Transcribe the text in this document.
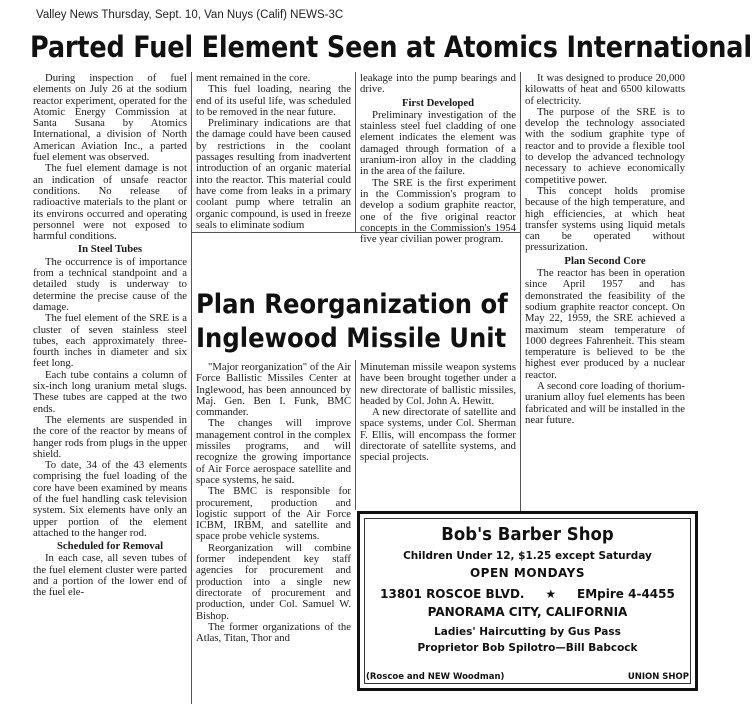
Valley News Thursday, Sept. 10, Van Nuys (Calif) NEWS-3C
Parted Fuel Element Seen at Atomics International

During inspection of fuel elements on July 26 at the sodium reactor experiment, operated for the Atomic Energy Commission at Santa Susana by Atomics International, a division of North American Aviation Inc., a parted fuel element was observed.

The fuel element damage is not an indication of unsafe reactor conditions. No release of radioactive materials to the plant or its environs occurred and operating personnel were not exposed to harmful conditions.

In Steel Tubes

The occurrence is of importance from a technical standpoint and a detailed study is underway to determine the precise cause of the damage.

The fuel element of the SRE is a cluster of seven stainless steel tubes, each approximately three-fourth inches in diameter and six feet long.

Each tube contains a column of six-inch long uranium metal slugs. These tubes are capped at the two ends.

The elements are suspended in the core of the reactor by means of hanger rods from plugs in the upper shield.

To date, 34 of the 43 elements comprising the fuel loading of the core have been examined by means of the fuel handling cask television system. Six elements have only an upper portion of the element attached to the hanger rod.

Scheduled for Removal

In each case, all seven tubes of the fuel element cluster were parted and a portion of the lower end of the fuel ele-

ment remained in the core.

This fuel loading, nearing the end of its useful life, was scheduled to be removed in the near future.

Preliminary indications are that the damage could have been caused by restrictions in the coolant passages resulting from inadvertent introduction of an organic material into the reactor. This material could have come from leaks in a primary coolant pump where tetralin an organic compound, is used in freeze seals to eliminate sodium

leakage into the pump bearings and drive.

First Developed

Preliminary investigation of the stainless steel fuel cladding of one element indicates the element was damaged through formation of a uranium-iron alloy in the cladding in the area of the failure.

The SRE is the first experiment in the Commission's program to develop a sodium graphite reactor, one of the five original reactor concepts in the Commission's 1954 five year civilian power program.

It was designed to produce 20,000 kilowatts of heat and 6500 kilowatts of electricity.

The purpose of the SRE is to develop the technology associated with the sodium graphite type of reactor and to provide a flexible tool to develop the advanced technology necessary to achieve economically competitive power.

This concept holds promise because of the high temperature, and high efficiencies, at which heat transfer systems using liquid metals can be operated without pressurization.

Plan Second Core

The reactor has been in operation since April 1957 and has demonstrated the feasibility of the sodium graphite reactor concept. On May 22, 1959, the SRE achieved a maximum steam temperature of 1000 degrees Fahrenheit. This steam temperature is believed to be the highest ever produced by a nuclear reactor.

A second core loading of thorium-uranium alloy fuel elements has been fabricated and will be installed in the near future.

Plan Reorganization of
Inglewood Missile Unit

"Major reorganization" of the Air Force Ballistic Missiles Center at Inglewood, has been announced by Maj. Gen. Ben I. Funk, BMC commander.

The changes will improve management control in the complex missiles programs, and will recognize the growing importance of Air Force aerospace satellite and space systems, he said.

The BMC is responsible for procurement, production and logistic support of the Air Force ICBM, IRBM, and satellite and space probe vehicle systems.

Reorganization will combine former independent key staff agencies for procurement and production into a single new directorate of procurement and production, under Col. Samuel W. Bishop.

The former organizations of the Atlas, Titan, Thor and

Minuteman missile weapon systems have been brought together under a new directorate of ballistic missiles, headed by Col. John A. Hewitt.

A new directorate of satellite and space systems, under Col. Sherman F. Ellis, will encompass the former directorate of satellite systems, and special projects.

Bob's Barber Shop
Children Under 12, $1.25 except Saturday
OPEN MONDAYS
13801 ROSCOE BLVD. ★ EMpire 4-4455
PANORAMA CITY, CALIFORNIA
Ladies' Haircutting by Gus Pass
Proprietor Bob Spilotro—Bill Babcock
(Roscoe and NEW Woodman)	UNION SHOP
